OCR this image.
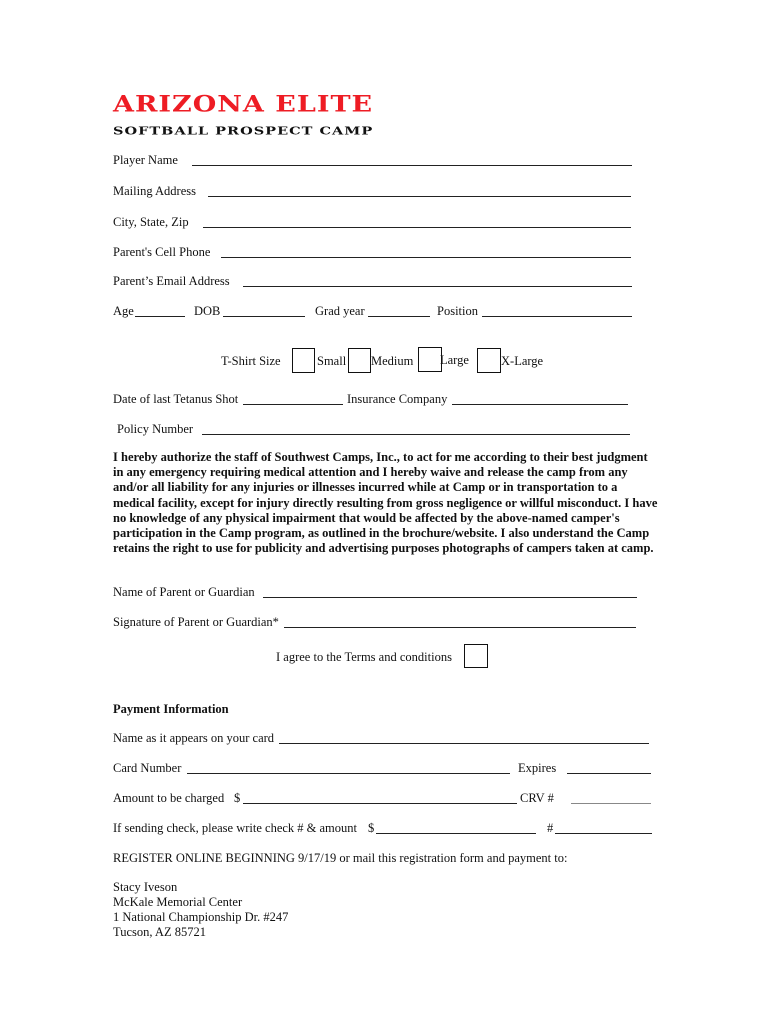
ARIZONA ELITE
SOFTBALL PROSPECT CAMP
Player Name
Mailing Address
City, State, Zip
Parent's Cell Phone
Parent’s Email Address
Age	DOB	Grad year	Position
T-Shirt Size	Small Medium Large	X-Large
Date of last Tetanus Shot	Insurance Company
Policy Number
I hereby authorize the staff of Southwest Camps, Inc., to act for me according to their best judgment in any emergency requiring medical attention and I hereby waive and release the camp from any and/or all liability for any injuries or illnesses incurred while at Camp or in transportation to a medical facility, except for injury directly resulting from gross negligence or willful misconduct. I have no knowledge of any physical impairment that would be affected by the above-named camper's participation in the Camp program, as outlined in the brochure/website. I also understand the Camp retains the right to use for publicity and advertising purposes photographs of campers taken at camp.
Name of Parent or Guardian
Signature of Parent or Guardian*
I agree to the Terms and conditions
Payment Information
Name as it appears on your card
Card Number	Expires
Amount to be charged $	CRV #
If sending check, please write check # & amount $	#
REGISTER ONLINE BEGINNING 9/17/19 or mail this registration form and payment to:
Stacy Iveson
McKale Memorial Center
1 National Championship Dr. #247
Tucson, AZ 85721
